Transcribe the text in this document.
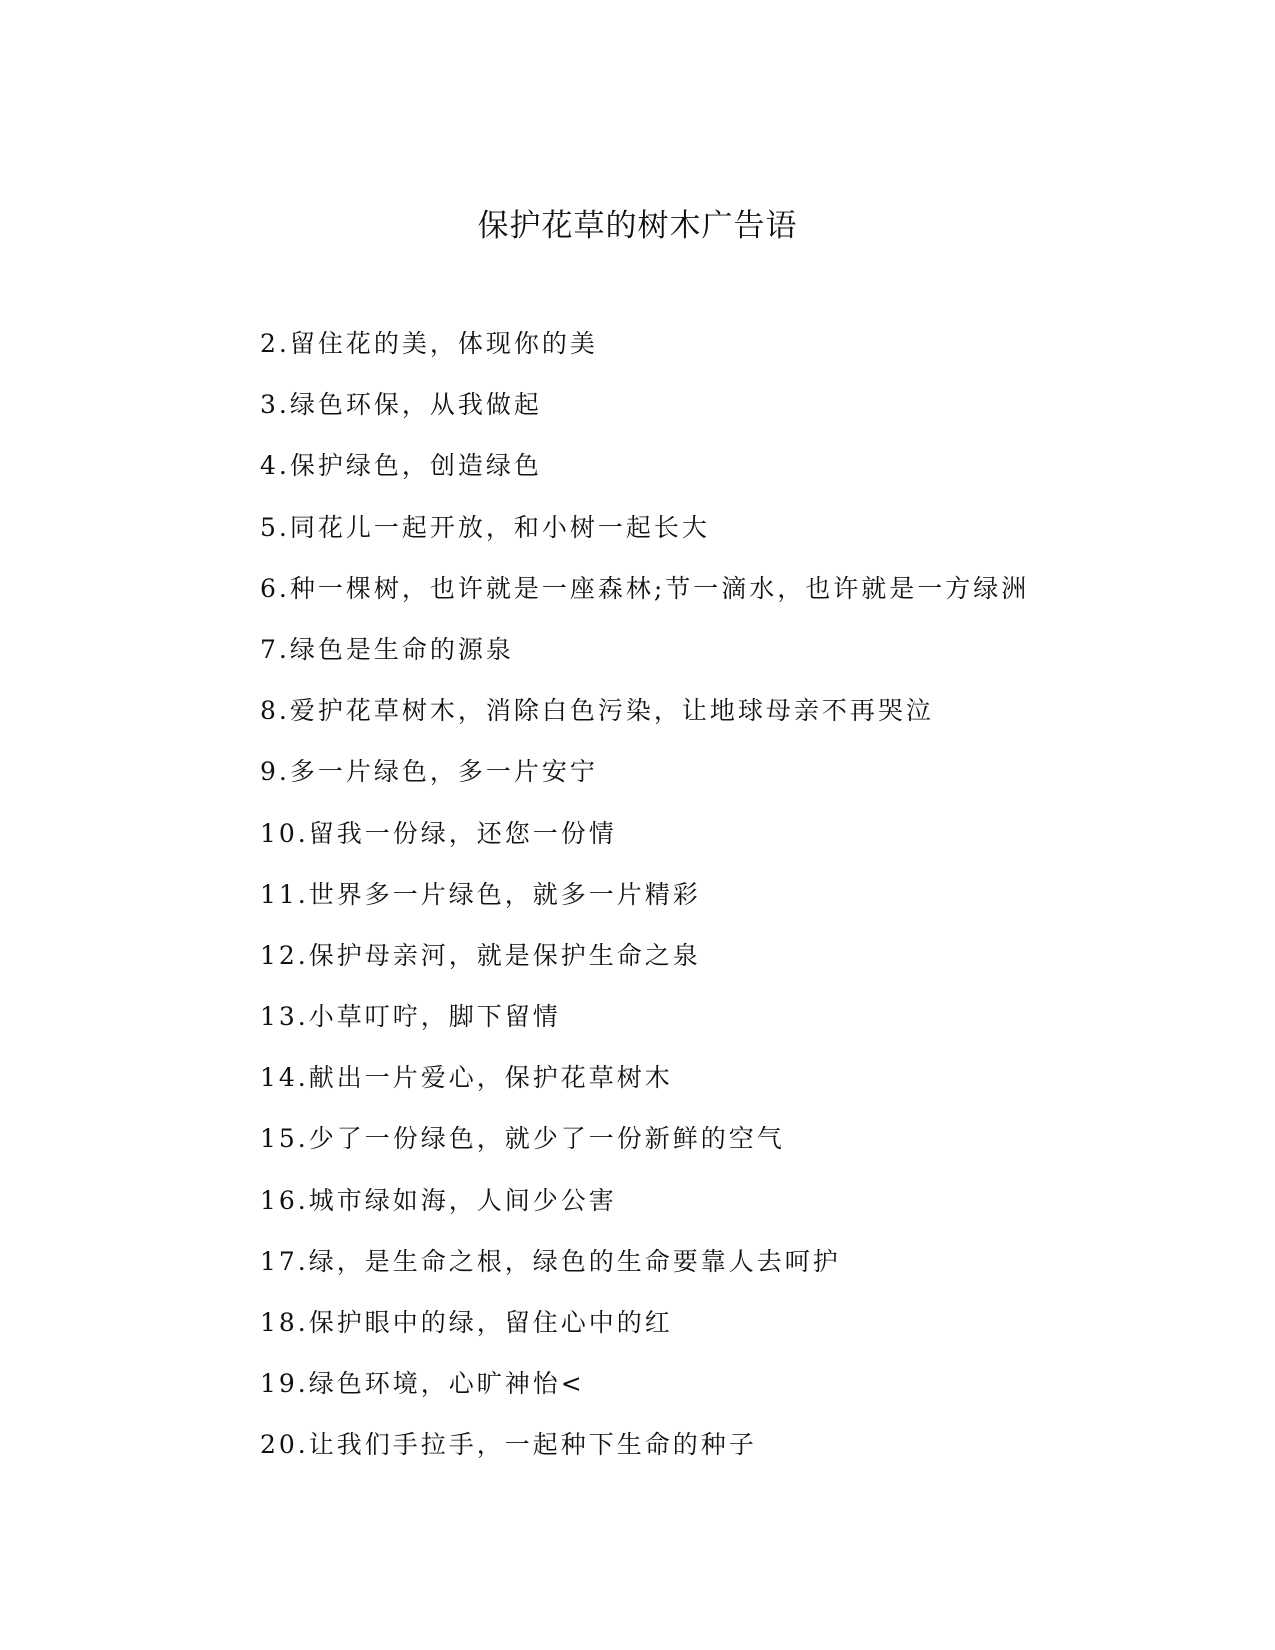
保护花草的树木广告语
2.留住花的美，体现你的美
3.绿色环保，从我做起
4.保护绿色，创造绿色
5.同花儿一起开放，和小树一起长大
6.种一棵树，也许就是一座森林;节一滴水，也许就是一方绿洲
7.绿色是生命的源泉
8.爱护花草树木，消除白色污染，让地球母亲不再哭泣
9.多一片绿色，多一片安宁
10.留我一份绿，还您一份情
11.世界多一片绿色，就多一片精彩
12.保护母亲河，就是保护生命之泉
13.小草叮咛，脚下留情
14.献出一片爱心，保护花草树木
15.少了一份绿色，就少了一份新鲜的空气
16.城市绿如海，人间少公害
17.绿，是生命之根，绿色的生命要靠人去呵护
18.保护眼中的绿，留住心中的红
19.绿色环境，心旷神怡<
20.让我们手拉手，一起种下生命的种子
